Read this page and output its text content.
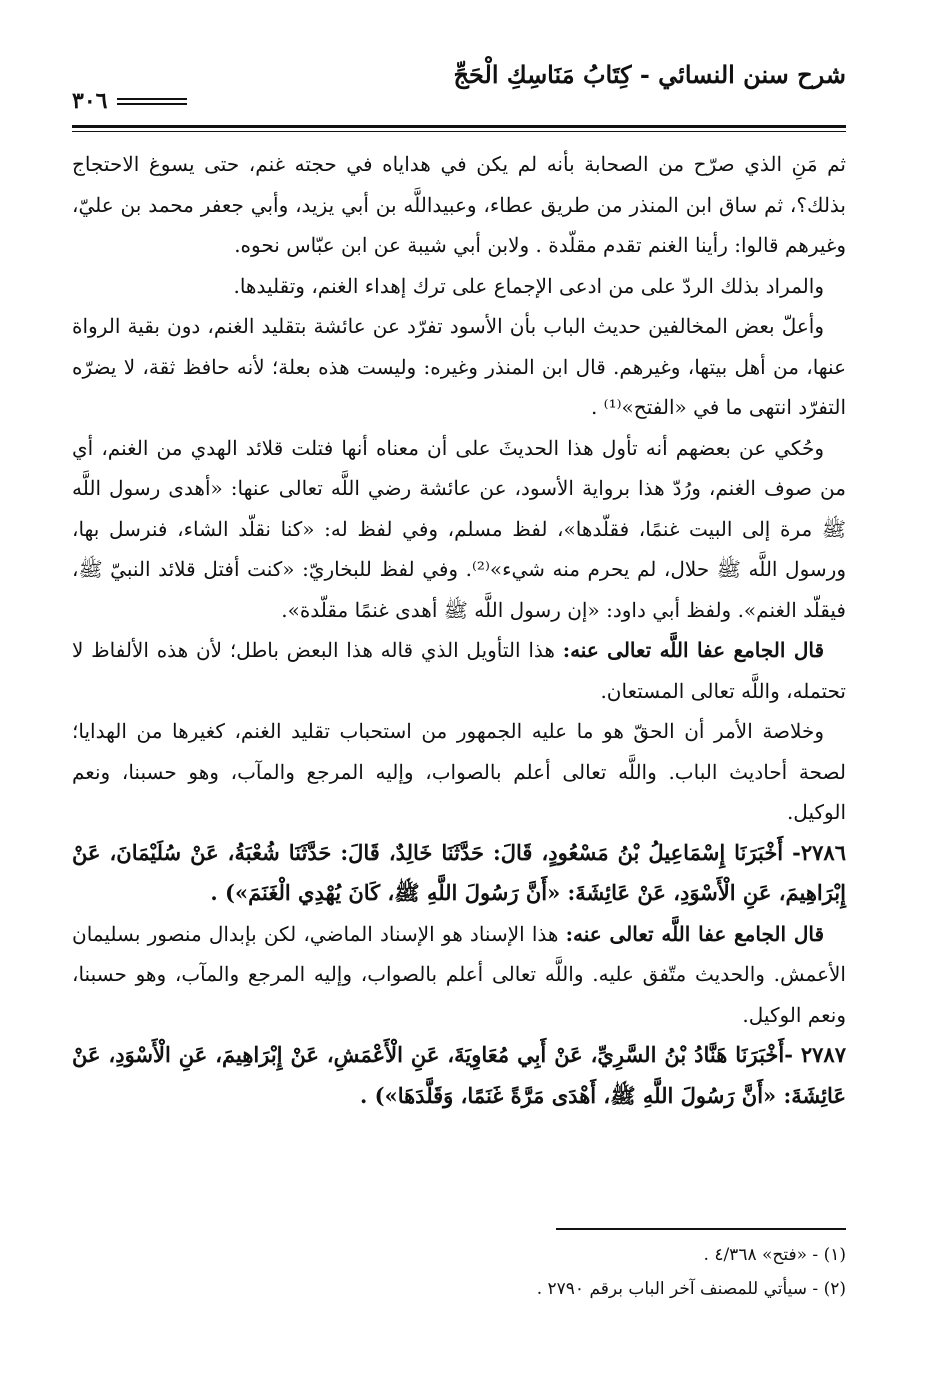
شرح سنن النسائي - كِتَابُ مَنَاسِكِ الْحَجِّ
٣٠٦

ثم مَنِ الذي صرّح من الصحابة بأنه لم يكن في هداياه في حجته غنم، حتى يسوغ الاحتجاج بذلك؟، ثم ساق ابن المنذر من طريق عطاء، وعبيداللَّه بن أبي يزيد، وأبي جعفر محمد بن عليّ، وغيرهم قالوا: رأينا الغنم تقدم مقلّدة . ولابن أبي شيبة عن ابن عبّاس نحوه.

والمراد بذلك الردّ على من ادعى الإجماع على ترك إهداء الغنم، وتقليدها.

وأعلّ بعض المخالفين حديث الباب بأن الأسود تفرّد عن عائشة بتقليد الغنم، دون بقية الرواة عنها، من أهل بيتها، وغيرهم. قال ابن المنذر وغيره: وليست هذه بعلة؛ لأنه حافظ ثقة، لا يضرّه التفرّد انتهى ما في «الفتح»⁽¹⁾ .

وحُكي عن بعضهم أنه تأول هذا الحديثَ على أن معناه أنها فتلت قلائد الهدي من الغنم، أي من صوف الغنم، ورُدّ هذا برواية الأسود، عن عائشة رضي اللَّه تعالى عنها: «أهدى رسول اللَّه ﷺ مرة إلى البيت غنمًا، فقلّدها»، لفظ مسلم، وفي لفظ له: «كنا نقلّد الشاء، فنرسل بها، ورسول اللَّه ﷺ حلال، لم يحرم منه شيء»⁽²⁾. وفي لفظ للبخاريّ: «كنت أفتل قلائد النبيّ ﷺ، فيقلّد الغنم». ولفظ أبي داود: «إن رسول اللَّه ﷺ أهدى غنمًا مقلّدة».

قال الجامع عفا اللَّه تعالى عنه: هذا التأويل الذي قاله هذا البعض باطل؛ لأن هذه الألفاظ لا تحتمله، واللَّه تعالى المستعان.

وخلاصة الأمر أن الحقّ هو ما عليه الجمهور من استحباب تقليد الغنم، كغيرها من الهدايا؛ لصحة أحاديث الباب. واللَّه تعالى أعلم بالصواب، وإليه المرجع والمآب، وهو حسبنا، ونعم الوكيل.

٢٧٨٦- أَخْبَرَنَا إِسْمَاعِيلُ بْنُ مَسْعُودٍ، قَالَ: حَدَّثَنَا خَالِدٌ، قَالَ: حَدَّثَنَا شُعْبَةُ، عَنْ سُلَيْمَانَ، عَنْ إِبْرَاهِيمَ، عَنِ الْأَسْوَدِ، عَنْ عَائِشَةَ: «أَنَّ رَسُولَ اللَّهِ ﷺ، كَانَ يُهْدِي الْغَنَمَ») .

قال الجامع عفا اللَّه تعالى عنه: هذا الإسناد هو الإسناد الماضي، لكن بإبدال منصور بسليمان الأعمش. والحديث متّفق عليه. واللَّه تعالى أعلم بالصواب، وإليه المرجع والمآب، وهو حسبنا، ونعم الوكيل.

٢٧٨٧ -أَخْبَرَنَا هَنَّادُ بْنُ السَّرِيِّ، عَنْ أَبِي مُعَاوِيَةَ، عَنِ الْأَعْمَشِ، عَنْ إِبْرَاهِيمَ، عَنِ الْأَسْوَدِ، عَنْ عَائِشَةَ: «أَنَّ رَسُولَ اللَّهِ ﷺ، أَهْدَى مَرَّةً غَنَمًا، وَقَلَّدَهَا») .

(١) - «فتح» ٤/٣٦٨ .
(٢) - سيأتي للمصنف آخر الباب برقم ٢٧٩٠ .
